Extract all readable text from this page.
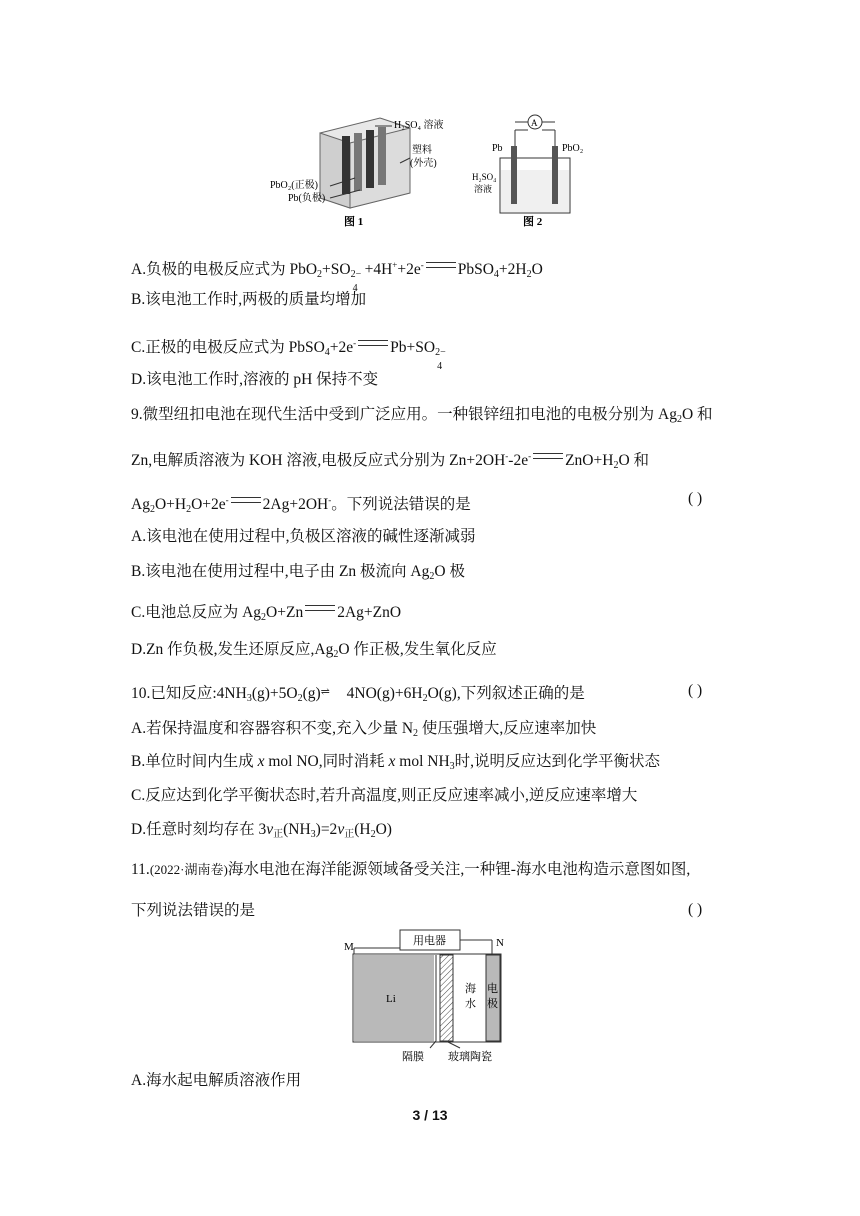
H₂SO₄ 溶液
塑料
(外壳)
PbO₂(正极)
Pb(负极)
图 1
A
Pb	PbO₂
H₂SO₄
溶液
图 2
A.负极的电极反应式为 PbO$_2$+SO 2−
4
+4H++2e- $PbSO_4+2H_2O$
B.该电池工作时,两极的质量均增加
C.正极的电极反应式为 PbSO$_4$+2e- Pb+SO 2−
4
D.该电池工作时,溶液的 pH 保持不变
9.微型纽扣电池在现代生活中受到广泛应用。一种银锌纽扣电池的电极分别为 $Ag_2O$ 和
Zn,电解质溶液为 KOH 溶液,电极反应式分别为 Zn+2OH--2e- $ZnO+H_2O$ 和
$Ag_2O+H_2O+2e^-$ 2Ag+2OH-。下列说法错误的是	( )
A.该电池在使用过程中,负极区溶液的碱性逐渐减弱
B.该电池在使用过程中,电子由 Zn 极流向 $Ag_2O$ 极
C.电池总反应为 $Ag_2O+Zn$ 2Ag+ZnO
D.Zn 作负极,发生还原反应$,Ag_2O$ 作正极,发生氧化反应
10.已知反应$:4NH_3(g)+5O_2(g)\rightleftharpoons$ $4NO(g)+6H_2O(g)$,下列叙述正确的是	( )
A.若保持温度和容器容积不变,充入少量 $N_2$ 使压强增大,反应速率加快
B.单位时间内生成 x mol NO,同时消耗 x mol $NH_3$时,说明反应达到化学平衡状态
C.反应达到化学平衡状态时,若升高温度,则正反应速率减小,逆反应速率增大
D.任意时刻均存在 $3v_正(NH_3)=2v_正(H_2O)$
11.(2022·湖南卷)海水电池在海洋能源领域备受关注,一种锂-海水电池构造示意图如图,
下列说法错误的是	( )
M	N
用电器
Li
海
水
电
极
隔膜 玻璃陶瓷
A.海水起电解质溶液作用
3 / 13
